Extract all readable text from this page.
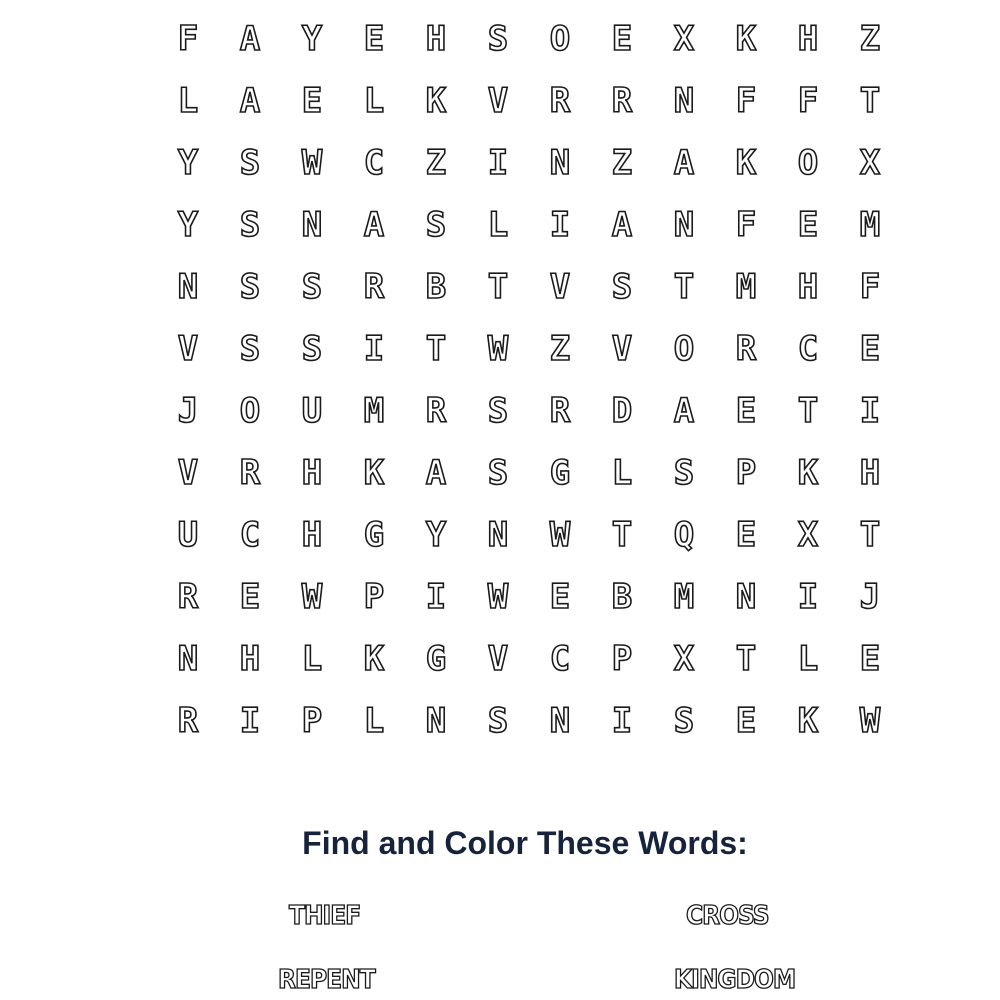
F	A	Y	E	H	S	O	E	X	K	H	Z
L	A	E	L	K	V	R	R	N	F	F	T
Y	S	W	C	Z	I	N	Z	A	K	O	X
Y	S	N	A	S	L	I	A	N	F	E	M
N	S	S	R	B	T	V	S	T	M	H	F
V	S	S	I	T	W	Z	V	O	R	C	E
J	O	U	M	R	S	R	D	A	E	T	I
V	R	H	K	A	S	G	L	S	P	K	H
U	C	H	G	Y	N	W	T	Q	E	X	T
R	E	W	P	I	W	E	B	M	N	I	J
N	H	L	K	G	V	C	P	X	T	L	E
R	I	P	L	N	S	N	I	S	E	K	W
Find and Color These Words:
THIEF	CROSS
REPENT	KINGDOM
